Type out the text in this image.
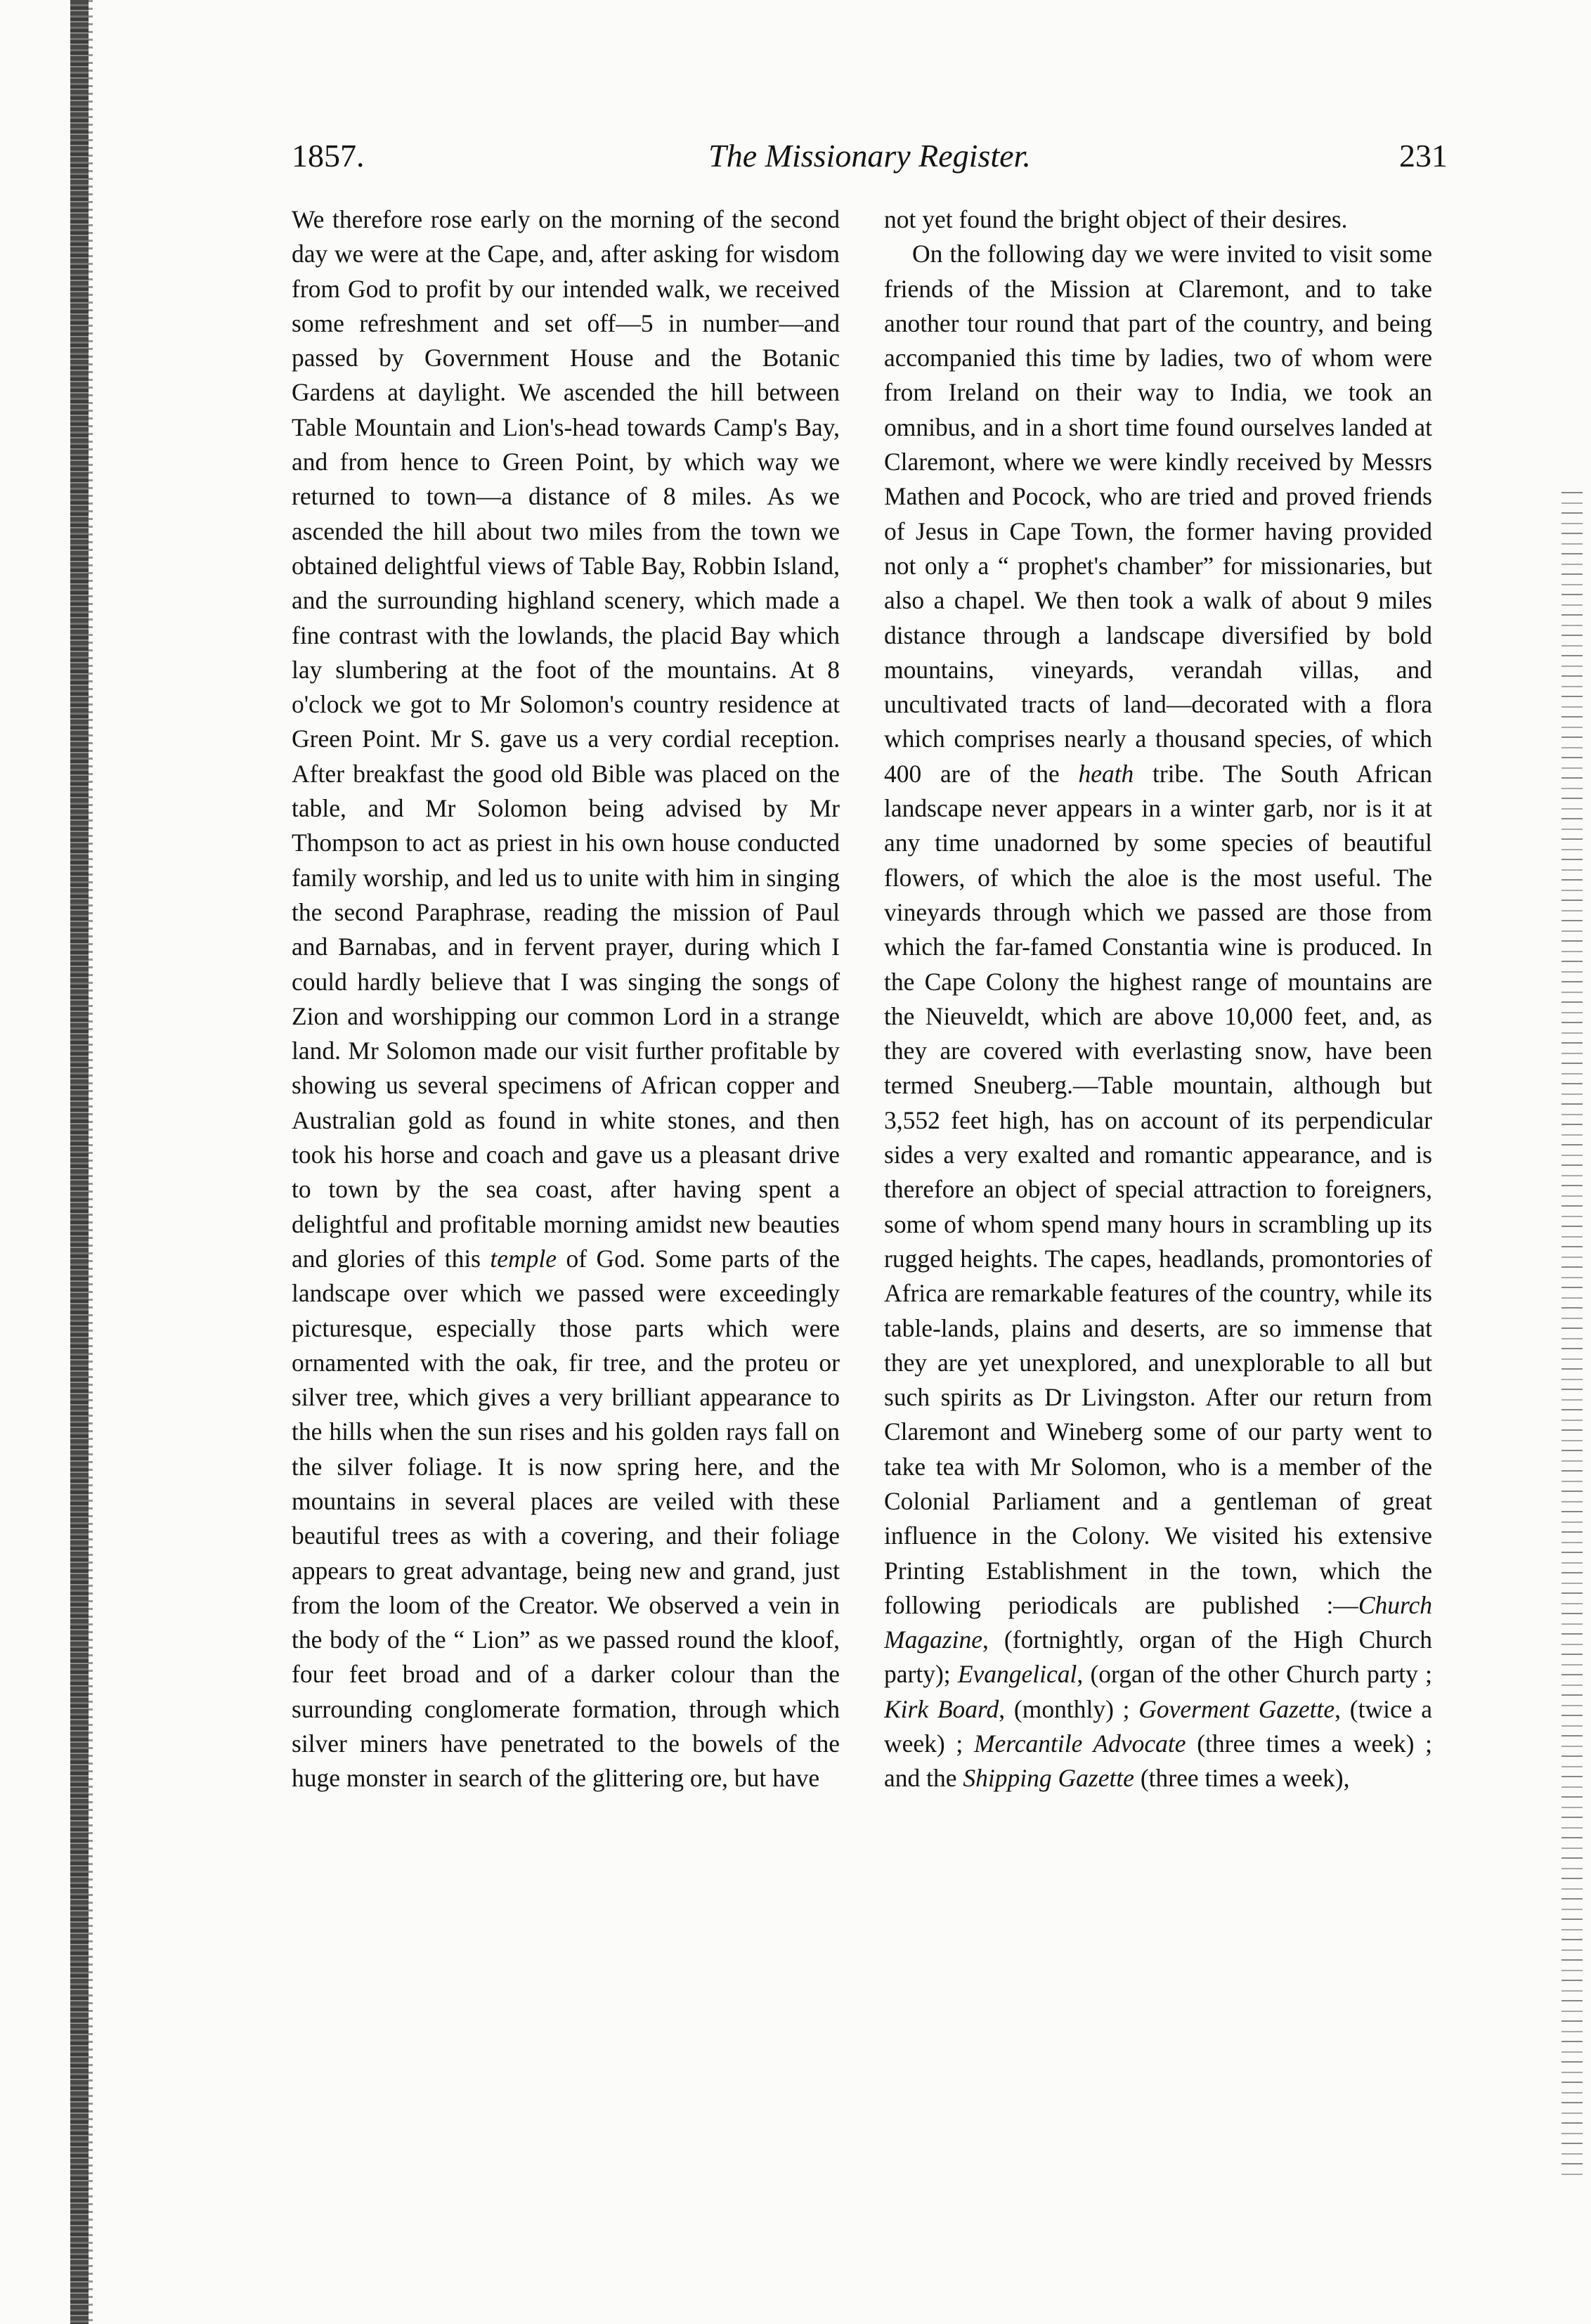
1857.	The Missionary Register.	231

We therefore rose early on the morning of the second day we were at the Cape, and, after asking for wisdom from God to profit by our intended walk, we received some refreshment and set off—5 in number—and passed by Government House and the Botanic Gardens at daylight. We ascended the hill between Table Mountain and Lion's-head towards Camp's Bay, and from hence to Green Point, by which way we returned to town—a distance of 8 miles. As we ascended the hill about two miles from the town we obtained delightful views of Table Bay, Robbin Island, and the surrounding highland scenery, which made a fine contrast with the lowlands, the placid Bay which lay slumbering at the foot of the mountains. At 8 o'clock we got to Mr Solomon's country residence at Green Point. Mr S. gave us a very cordial reception. After breakfast the good old Bible was placed on the table, and Mr Solomon being advised by Mr Thompson to act as priest in his own house conducted family worship, and led us to unite with him in singing the second Paraphrase, reading the mission of Paul and Barnabas, and in fervent prayer, during which I could hardly believe that I was singing the songs of Zion and worshipping our common Lord in a strange land. Mr Solomon made our visit further profitable by showing us several specimens of African copper and Australian gold as found in white stones, and then took his horse and coach and gave us a pleasant drive to town by the sea coast, after having spent a delightful and profitable morning amidst new beauties and glories of this temple of God. Some parts of the landscape over which we passed were exceedingly picturesque, especially those parts which were ornamented with the oak, fir tree, and the proteu or silver tree, which gives a very brilliant appearance to the hills when the sun rises and his golden rays fall on the silver foliage. It is now spring here, and the mountains in several places are veiled with these beautiful trees as with a covering, and their foliage appears to great advantage, being new and grand, just from the loom of the Creator. We observed a vein in the body of the “ Lion” as we passed round the kloof, four feet broad and of a darker colour than the surrounding conglomerate formation, through which silver miners have penetrated to the bowels of the huge monster in search of the glittering ore, but have

not yet found the bright object of their desires.

On the following day we were invited to visit some friends of the Mission at Claremont, and to take another tour round that part of the country, and being accompanied this time by ladies, two of whom were from Ireland on their way to India, we took an omnibus, and in a short time found ourselves landed at Claremont, where we were kindly received by Messrs Mathen and Pocock, who are tried and proved friends of Jesus in Cape Town, the former having provided not only a “ prophet's chamber” for missionaries, but also a chapel. We then took a walk of about 9 miles distance through a landscape diversified by bold mountains, vineyards, verandah villas, and uncultivated tracts of land—decorated with a flora which comprises nearly a thousand species, of which 400 are of the heath tribe. The South African landscape never appears in a winter garb, nor is it at any time unadorned by some species of beautiful flowers, of which the aloe is the most useful. The vineyards through which we passed are those from which the far-famed Constantia wine is produced. In the Cape Colony the highest range of mountains are the Nieuveldt, which are above 10,000 feet, and, as they are covered with everlasting snow, have been termed Sneuberg.—Table mountain, although but 3,552 feet high, has on account of its perpendicular sides a very exalted and romantic appearance, and is therefore an object of special attraction to foreigners, some of whom spend many hours in scrambling up its rugged heights. The capes, headlands, promontories of Africa are remarkable features of the country, while its table-lands, plains and deserts, are so immense that they are yet unexplored, and unexplorable to all but such spirits as Dr Livingston. After our return from Claremont and Wineberg some of our party went to take tea with Mr Solomon, who is a member of the Colonial Parliament and a gentleman of great influence in the Colony. We visited his extensive Printing Establishment in the town, which the following periodicals are published :—Church Magazine, (fortnightly, organ of the High Church party); Evangelical, (organ of the other Church party ; Kirk Board, (monthly) ; Goverment Gazette, (twice a week) ; Mercantile Advocate (three times a week) ; and the Shipping Gazette (three times a week),
